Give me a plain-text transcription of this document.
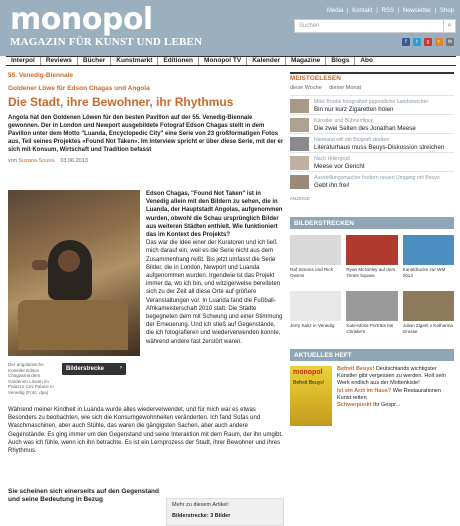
monopol
MAGAZIN FÜR KUNST UND LEBEN
Media | Kontakt | RSS | Newsletter | Shop
Suchen	⌕
f	t	g	r	✉
Interpol	Reviews	Bücher	Kunstmarkt	Editionen	Monopol TV	Kalender	Magazine	Blogs	Abo
55. Venedig-Biennale
Goldener Löwe für Edson Chagas und Angola
Die Stadt, ihre Bewohner, ihr Rhythmus
Angola hat den Goldenen Löwen für den besten Pavillon auf der 55. Venedig-Biennale gewonnen. Der in London und Newport ausgebildete Fotograf Edson Chagas stellt in dem Pavillon unter dem Motto "Luanda, Encyclopedic City" eine Serie von 23 großformatigen Fotos aus, Teil seines Projektes «Found Not Taken». Im Interview spricht er über diese Serie, mit der er sich mit Konsum, Wirtschaft und Tradition befasst
von Suzana Sousa 03.06.2013
Bilderstrecke	›
Der angolanische Künstler Edson Chagasmit dem Goldenen Löwen im Palazzo Cini Palace in Venedig (Foto: dpa)

Edson Chagas, "Found Not Taken" ist in Venedig allein mit den Bildern zu sehen, die in Luanda, der Hauptstadt Angolas, aufgenommen wurden, obwohl die Schau ursprünglich Bilder aus weiteren Städten enthielt. Wie funktioniert das im Kontext des Projekts?

Das war die Idee einer der Kuratoren und ich ließ mich darauf ein, weil es die Serie nicht aus dem Zusammenhang reißt. Bis jetzt umfasst die Serie Bilder, die in London, Newport und Luanda aufgenommen wurden. Irgendwie ist das Projekt immer da, wo ich bin, und witzigerweise bereiteten sich zu der Zeit all diese Orte auf größere Veranstaltungen vor. In Luanda fand die Fußball-Afrikameisterschaft 2010 statt. Die Städte begegneten dem mit Schwung und einer Stimmung der Erneuerung. Und ich stieß auf Gegenstände, die ich fotografieren und wiederverwenden konnte, während andere fast zerstört waren.

Während meiner Kindheit in Luanda wurde alles wiederverwendet, und für mich war es etwas Besonders zu beobachten, wie sich die Konsumgewohnheiten veränderten. Ich fand Sofas und Waschmaschinen, aber auch Stühle, das waren die gängigsten Sachen, aber auch andere Gegenstände. Es ging immer um den Gegenstand und seine Interaktion mit dem Raum, der ihn umgibt. Auch was ich fühle, wenn ich ihn betrachte. Es ist ein Lernprozess der Stadt, ihrer Bewohner und ihres Rhythmus.
Sie scheinen sich einerseits auf den Gegenstand und seine Bedeutung in Bezug
Mehr zu diesem Artikel:
Bilderstrecke: 3 Bilder
MEISTGELESEN
diese Woche dieser Monat
Mike Brodie fotografiert jugendliche Landstreicher
Bin nur kurz Zigaretten holen
Künstler und Bühnenfigur
Die zwei Seiten des Jonathan Meese
Niemand will mit Biografi streiten
Literaturhaus muss Beuys-Diskussion streichen
Nach Hitlergruß
Meese vor Gericht
Ausstellungsmacher fordern neuen Umgang mit Beuys
Gebt ihn frei!
ANZEIGE
BILDERSTRECKEN
Raf Simons und Rick Owens
Ryan McGinley auf dem Times Square
Kunstdrucke zur WM 2014
Jerry Saltz in Venedig	Kate-Moss-Porträts bei Christie's
Julian Zigerli x Katharina Grosse
AKTUELLES HEFT
monopol
Befreit Beuys!
Befreit Beuys! Deutschlands wichtigster Künstler gibt vergessen zu werden. Holt sein Werk endlich aus der Mottenkiste!
Ist ein Arzt im Haus? Wie Restaurationen Kunst retten
Schwerpunkt Ihr Gespr...
